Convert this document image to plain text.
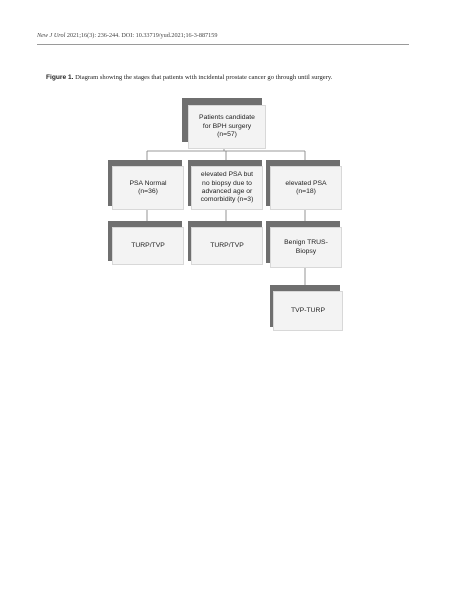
New J Urol 2021;16(3): 236-244. DOI: 10.33719/yud.2021;16-3-887159
Figure 1. Diagram showing the stages that patients with incidental prostate cancer go through until surgery.
Patients candidate
for BPH surgery
(n=57)
PSA Normal
(n=36)
elevated PSA but
no biopsy due to
advanced age or
comorbidity (n=3)
elevated PSA
(n=18)
TURP/TVP	TURP/TVP	Benign TRUS-
Biopsy
TVP-TURP
